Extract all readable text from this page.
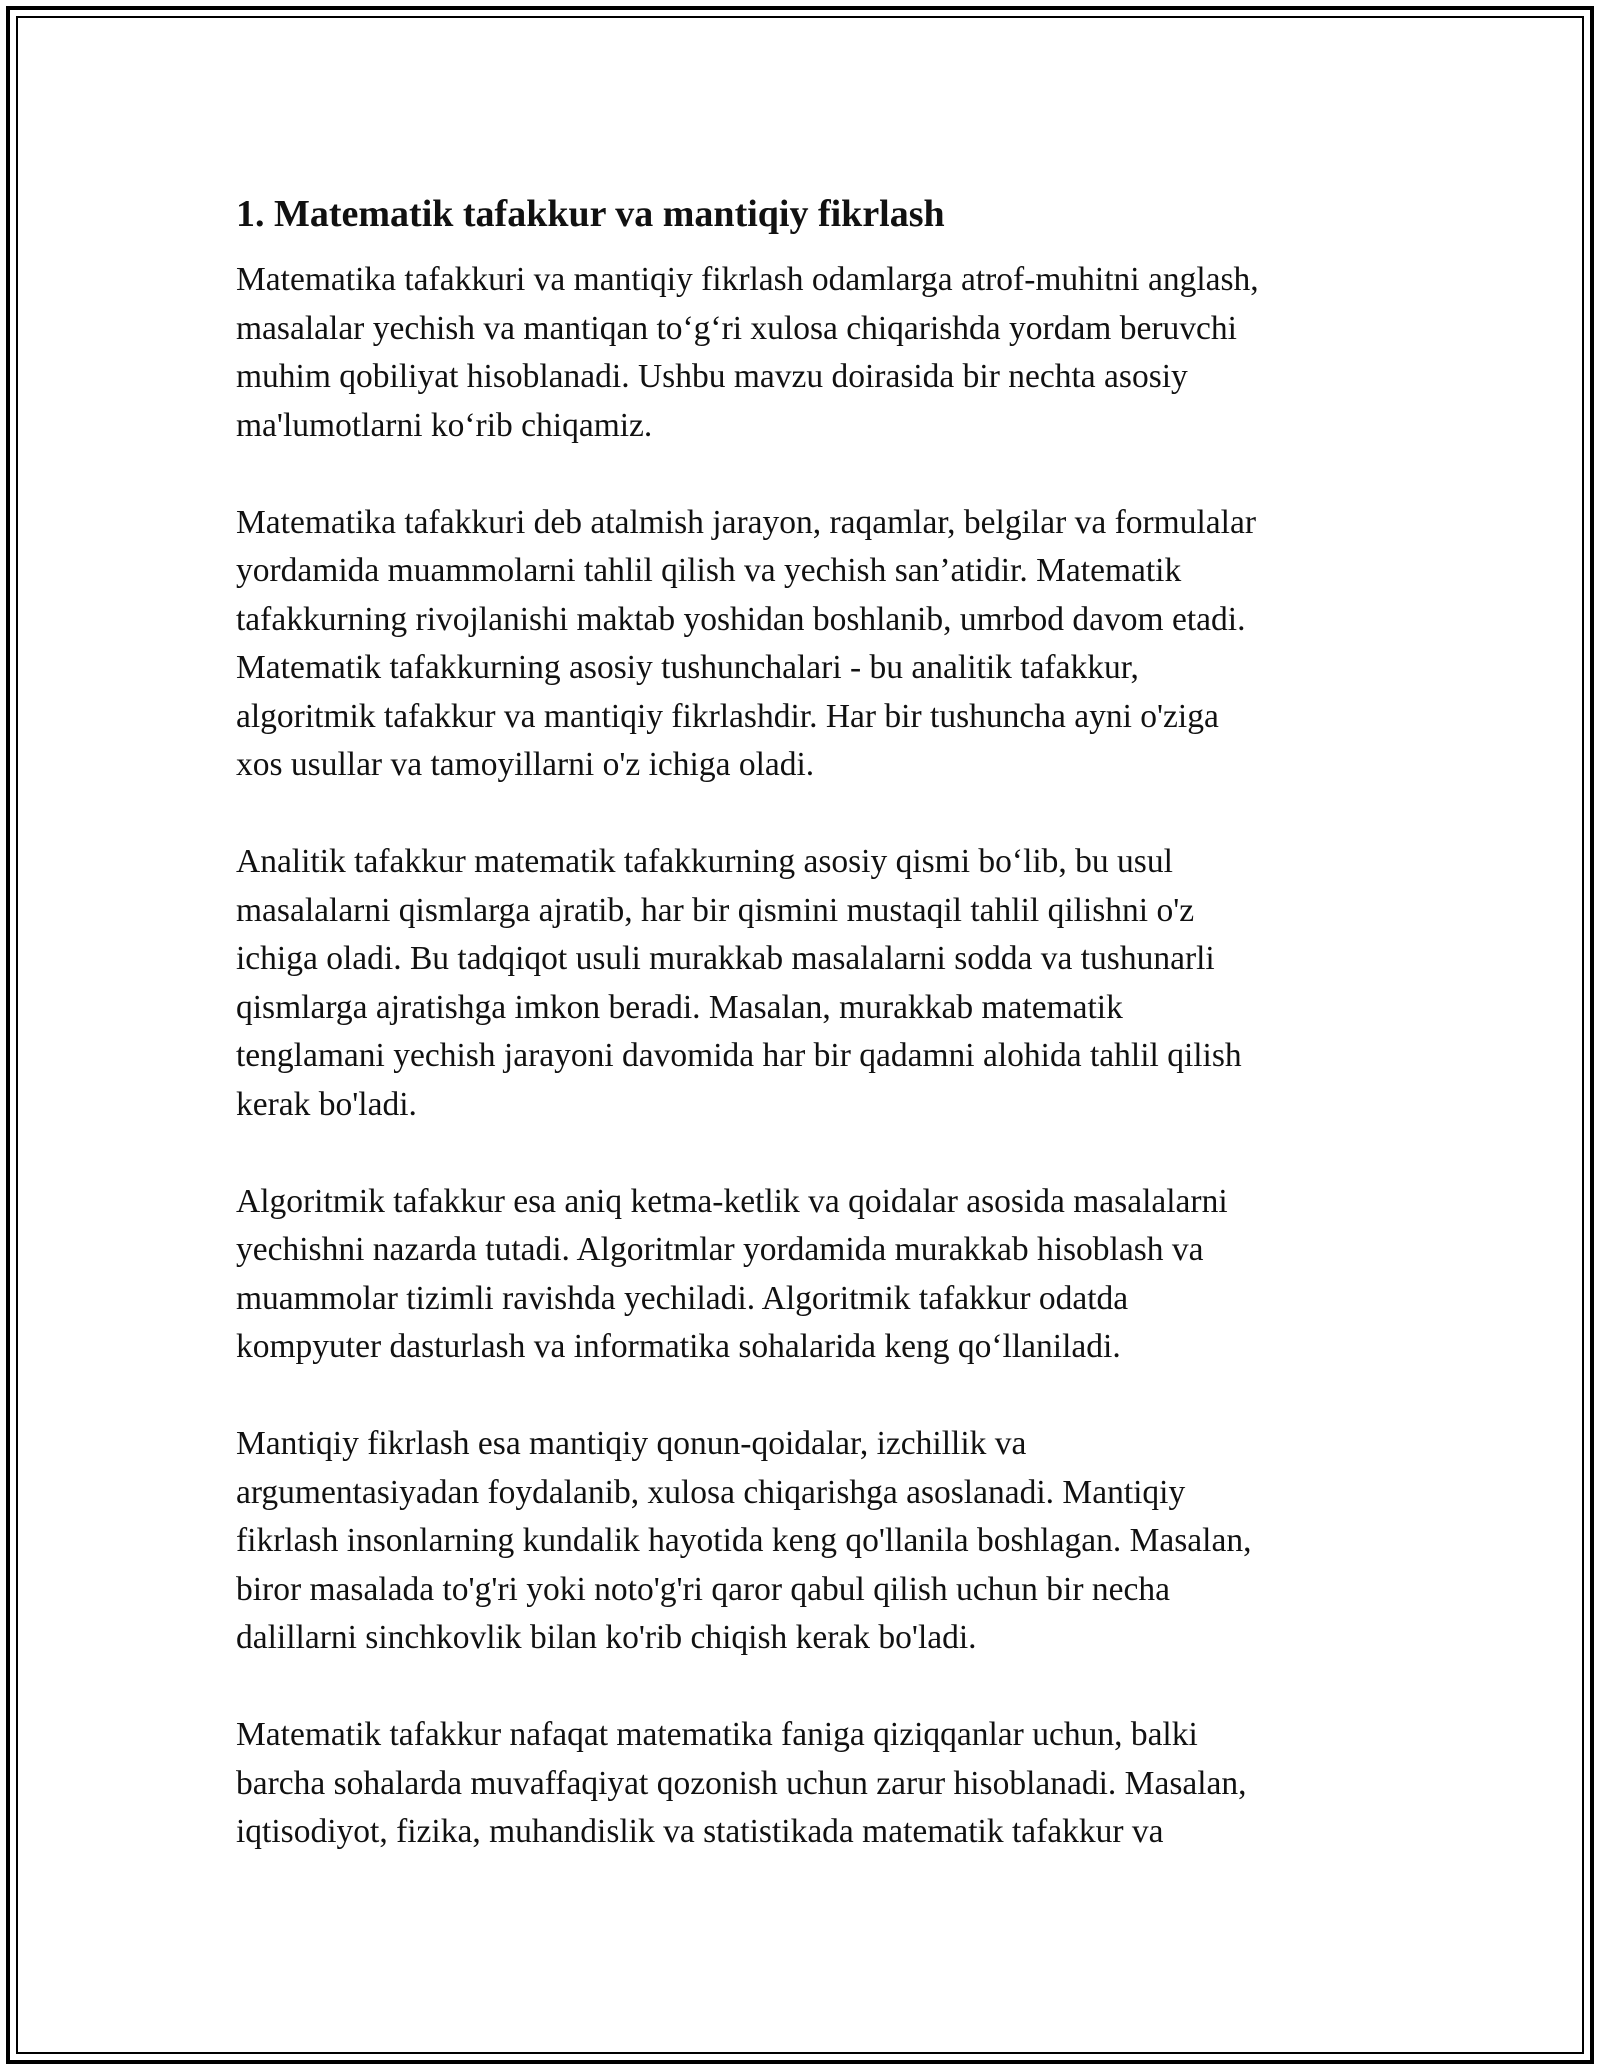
1. Matematik tafakkur va mantiqiy fikrlash
Matematika tafakkuri va mantiqiy fikrlash odamlarga atrof-muhitni anglash,
masalalar yechish va mantiqan to‘g‘ri xulosa chiqarishda yordam beruvchi
muhim qobiliyat hisoblanadi. Ushbu mavzu doirasida bir nechta asosiy
ma'lumotlarni ko‘rib chiqamiz.
Matematika tafakkuri deb atalmish jarayon, raqamlar, belgilar va formulalar
yordamida muammolarni tahlil qilish va yechish san’atidir. Matematik
tafakkurning rivojlanishi maktab yoshidan boshlanib, umrbod davom etadi.
Matematik tafakkurning asosiy tushunchalari - bu analitik tafakkur,
algoritmik tafakkur va mantiqiy fikrlashdir. Har bir tushuncha ayni o'ziga
xos usullar va tamoyillarni o'z ichiga oladi.
Analitik tafakkur matematik tafakkurning asosiy qismi bo‘lib, bu usul
masalalarni qismlarga ajratib, har bir qismini mustaqil tahlil qilishni o'z
ichiga oladi. Bu tadqiqot usuli murakkab masalalarni sodda va tushunarli
qismlarga ajratishga imkon beradi. Masalan, murakkab matematik
tenglamani yechish jarayoni davomida har bir qadamni alohida tahlil qilish
kerak bo'ladi.
Algoritmik tafakkur esa aniq ketma-ketlik va qoidalar asosida masalalarni
yechishni nazarda tutadi. Algoritmlar yordamida murakkab hisoblash va
muammolar tizimli ravishda yechiladi. Algoritmik tafakkur odatda
kompyuter dasturlash va informatika sohalarida keng qo‘llaniladi.
Mantiqiy fikrlash esa mantiqiy qonun-qoidalar, izchillik va
argumentasiyadan foydalanib, xulosa chiqarishga asoslanadi. Mantiqiy
fikrlash insonlarning kundalik hayotida keng qo'llanila boshlagan. Masalan,
biror masalada to'g'ri yoki noto'g'ri qaror qabul qilish uchun bir necha
dalillarni sinchkovlik bilan ko'rib chiqish kerak bo'ladi.
Matematik tafakkur nafaqat matematika faniga qiziqqanlar uchun, balki
barcha sohalarda muvaffaqiyat qozonish uchun zarur hisoblanadi. Masalan,
iqtisodiyot, fizika, muhandislik va statistikada matematik tafakkur va
